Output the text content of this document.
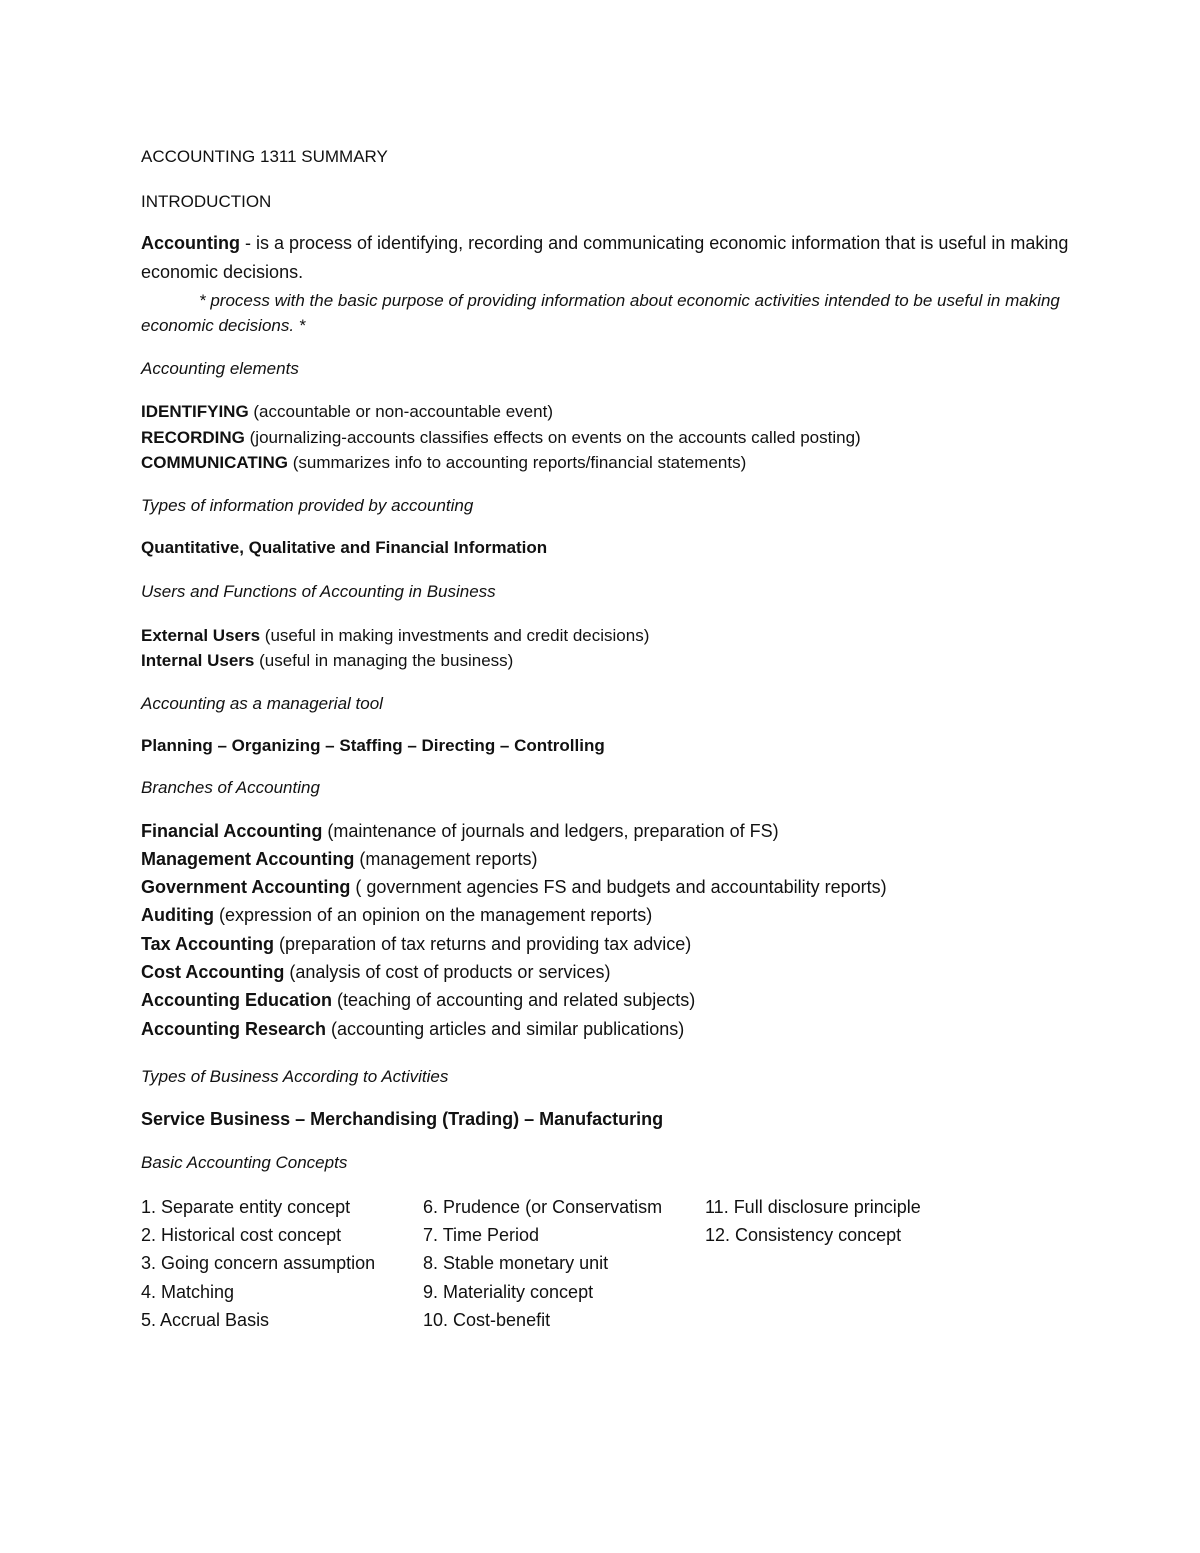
ACCOUNTING 1311 SUMMARY

INTRODUCTION

Accounting - is a process of identifying, recording and communicating economic information that is useful in making economic decisions.

* process with the basic purpose of providing information about economic activities intended to be useful in making economic decisions. *

Accounting elements

IDENTIFYING (accountable or non-accountable event)

RECORDING (journalizing-accounts classifies effects on events on the accounts called posting)

COMMUNICATING (summarizes info to accounting reports/financial statements)

Types of information provided by accounting

Quantitative, Qualitative and Financial Information

Users and Functions of Accounting in Business

External Users (useful in making investments and credit decisions)

Internal Users (useful in managing the business)

Accounting as a managerial tool

Planning – Organizing – Staffing – Directing – Controlling

Branches of Accounting

Financial Accounting (maintenance of journals and ledgers, preparation of FS)

Management Accounting (management reports)

Government Accounting ( government agencies FS and budgets and accountability reports)

Auditing (expression of an opinion on the management reports)

Tax Accounting (preparation of tax returns and providing tax advice)

Cost Accounting (analysis of cost of products or services)

Accounting Education (teaching of accounting and related subjects)

Accounting Research (accounting articles and similar publications)

Types of Business According to Activities

Service Business – Merchandising (Trading) – Manufacturing

Basic Accounting Concepts

1. Separate entity concept
2. Historical cost concept
3. Going concern assumption
4. Matching
5. Accrual Basis
6. Prudence (or Conservatism
7. Time Period
8. Stable monetary unit
9. Materiality concept
10. Cost-benefit
11. Full disclosure principle
12. Consistency concept
